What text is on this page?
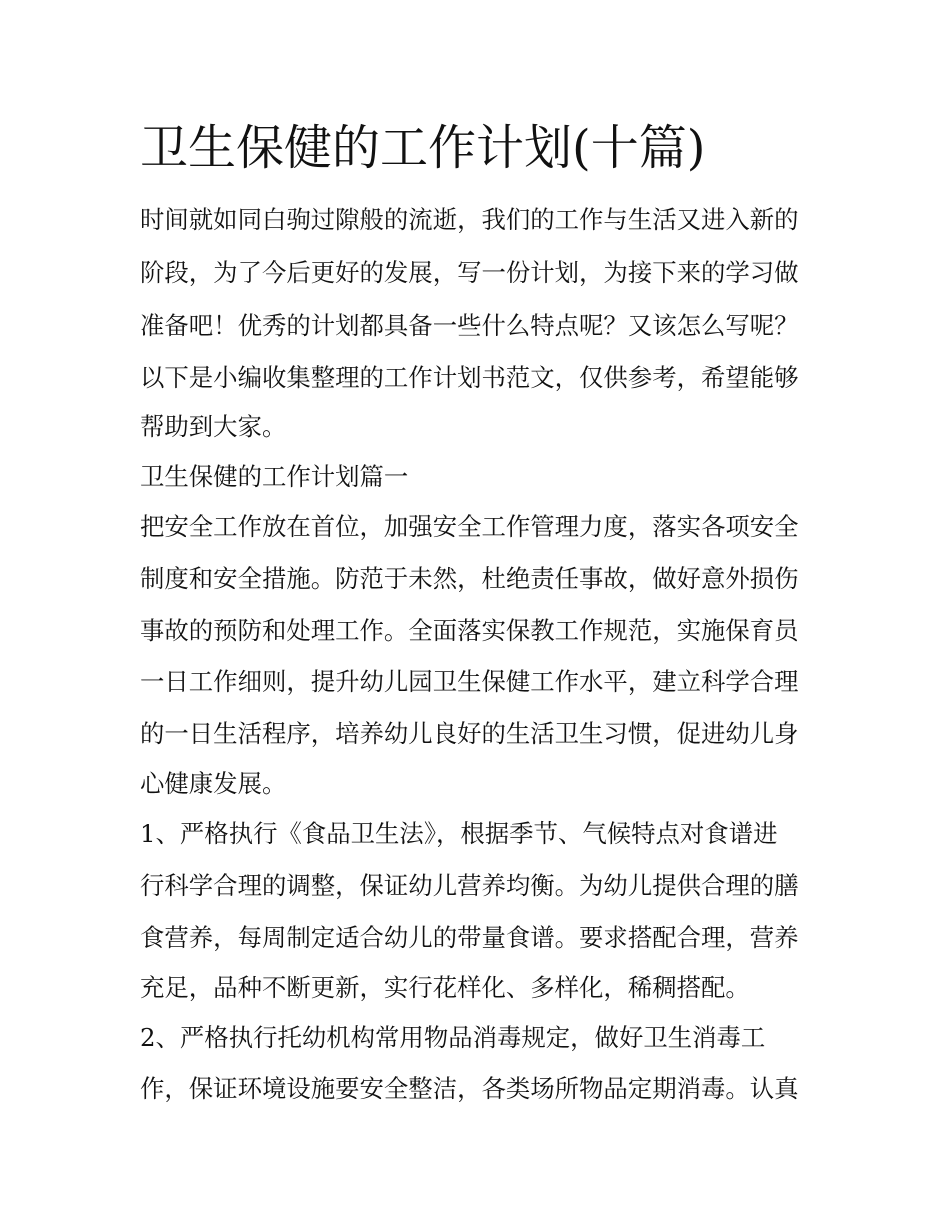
卫生保健的工作计划(十篇)
时间就如同白驹过隙般的流逝，我们的工作与生活又进入新的
阶段，为了今后更好的发展，写一份计划，为接下来的学习做
准备吧！优秀的计划都具备一些什么特点呢？又该怎么写呢？
以下是小编收集整理的工作计划书范文，仅供参考，希望能够
帮助到大家。
卫生保健的工作计划篇一
把安全工作放在首位，加强安全工作管理力度，落实各项安全
制度和安全措施。防范于未然，杜绝责任事故，做好意外损伤
事故的预防和处理工作。全面落实保教工作规范，实施保育员
一日工作细则，提升幼儿园卫生保健工作水平，建立科学合理
的一日生活程序，培养幼儿良好的生活卫生习惯，促进幼儿身
心健康发展。
1、严格执行《食品卫生法》，根据季节、气候特点对食谱进
行科学合理的调整，保证幼儿营养均衡。为幼儿提供合理的膳
食营养，每周制定适合幼儿的带量食谱。要求搭配合理，营养
充足，品种不断更新，实行花样化、多样化，稀稠搭配。
2、严格执行托幼机构常用物品消毒规定，做好卫生消毒工
作，保证环境设施要安全整洁，各类场所物品定期消毒。认真
